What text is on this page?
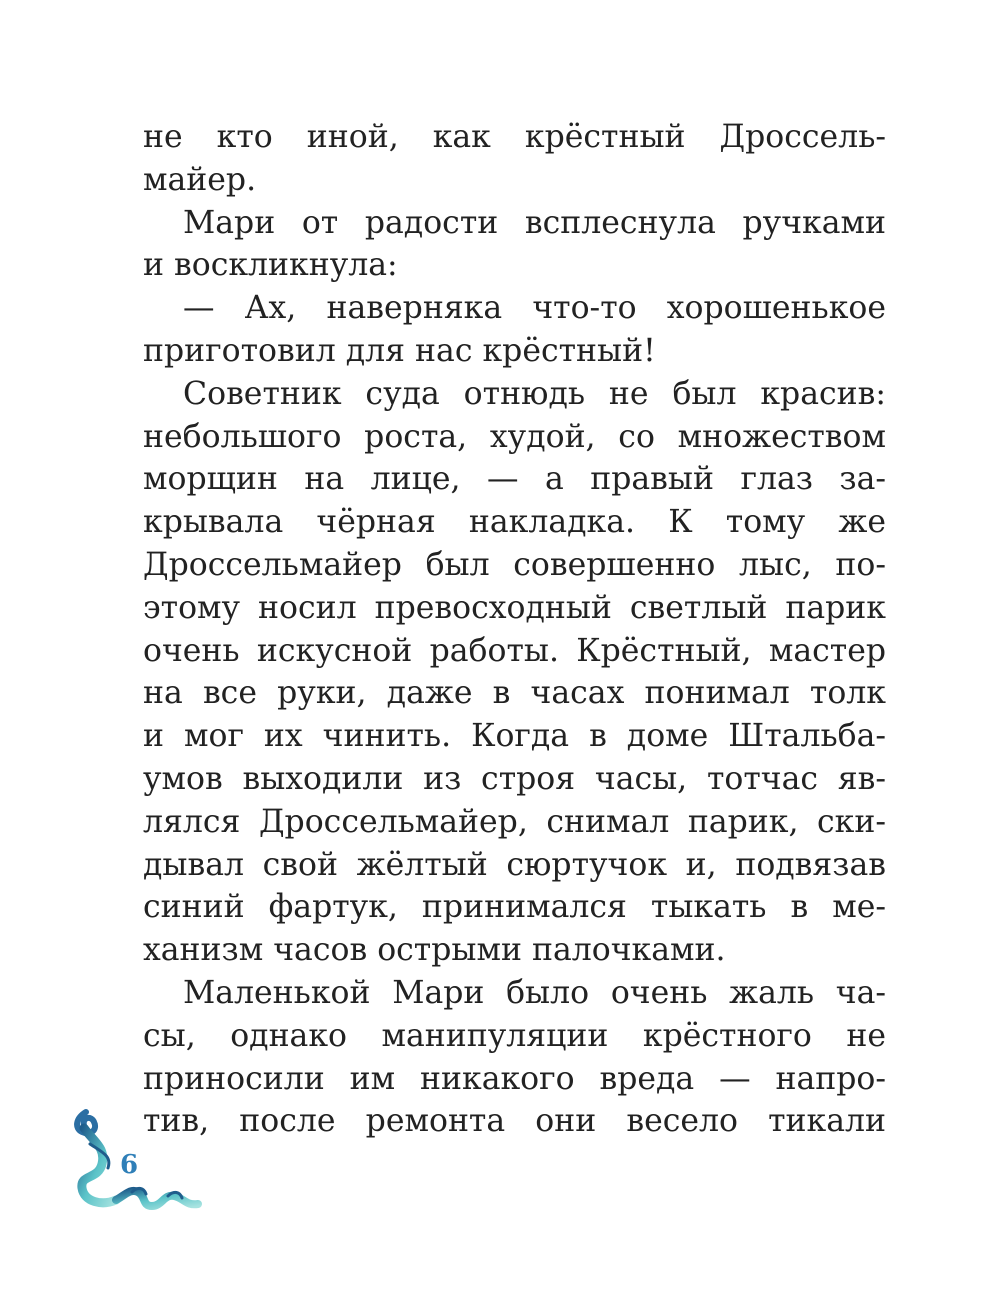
не кто иной, как крёстный Дроссель-
майер.
Мари от радости всплеснула ручками
и воскликнула:
— Ах, наверняка что-то хорошенькое
приготовил для нас крёстный!
Советник суда отнюдь не был красив:
небольшого роста, худой, со множеством
морщин на лице, — а правый глаз за-
крывала чёрная накладка. К тому же
Дроссельмайер был совершенно лыс, по-
этому носил превосходный светлый парик
очень искусной работы. Крёстный, мастер
на все руки, даже в часах понимал толк
и мог их чинить. Когда в доме Штальба-
умов выходили из строя часы, тотчас яв-
лялся Дроссельмайер, снимал парик, ски-
дывал свой жёлтый сюртучок и, подвязав
синий фартук, принимался тыкать в ме-
ханизм часов острыми палочками.
Маленькой Мари было очень жаль ча-
сы, однако манипуляции крёстного не
приносили им никакого вреда — напро-
тив, после ремонта они весело тикали
6
